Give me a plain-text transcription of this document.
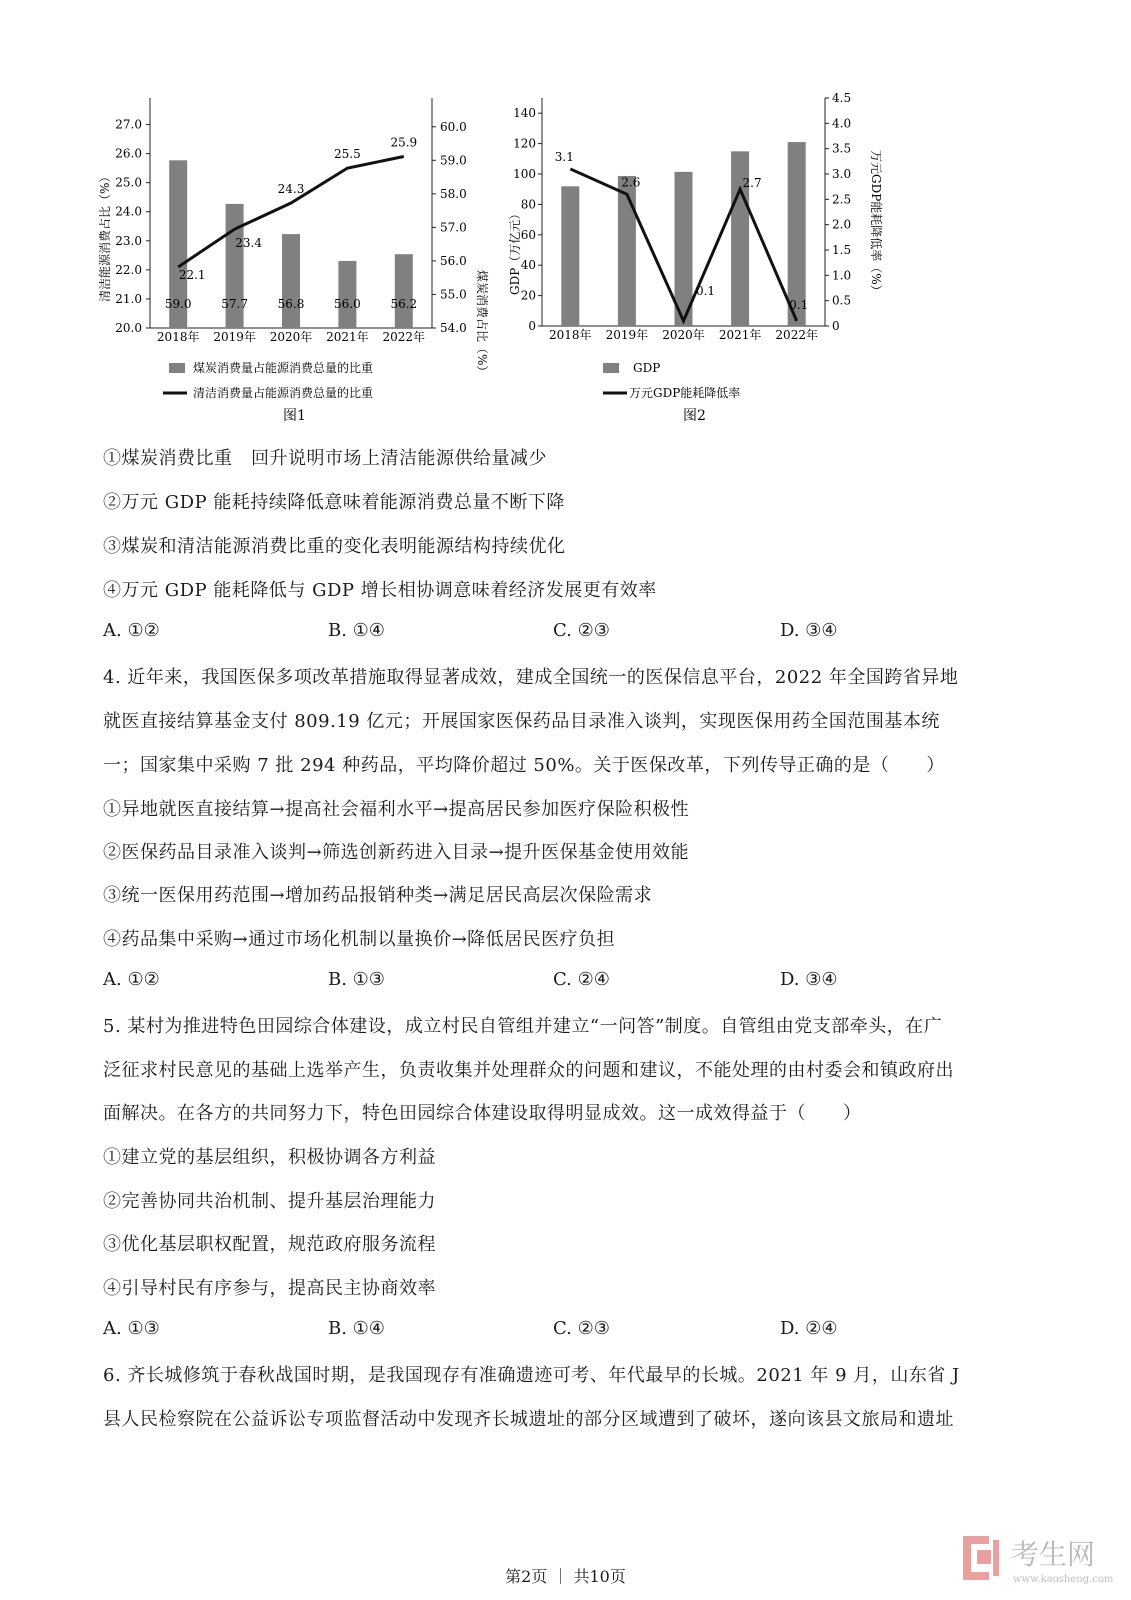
20.0
21.0
22.0
23.0
24.0
25.0
26.0
27.0
54.0
55.0
56.0
57.0
58.0
59.0
60.0
59.0
2018年
57.7
2019年
56.8
2020年
56.0
2021年
56.2
2022年
22.1
23.4
24.3
25.5
25.9
清洁能源消费占比（%）
煤炭消费占比（%）
煤炭消费量占能源消费总量的比重
清洁消费量占能源消费总量的比重
图1
0
20
40
60
80
100
120
140
0
0.5
1.0
1.5
2.0
2.5
3.0
3.5
4.0
4.5
2018年 2019年 2020年 2021年 2022年
3.1
2.6
0.1
2.7
0.1
GDP（万亿元）	万元GDP能耗降低率（%）
GDP
万元GDP能耗降低率
图2
①煤炭消费比重　回升说明市场上清洁能源供给量减少
②万元 GDP 能耗持续降低意味着能源消费总量不断下降
③煤炭和清洁能源消费比重的变化表明能源结构持续优化
④万元 GDP 能耗降低与 GDP 增长相协调意味着经济发展更有效率
A. ①②	B. ①④	C. ②③	D. ③④
4. 近年来，我国医保多项改革措施取得显著成效，建成全国统一的医保信息平台，2022 年全国跨省异地
就医直接结算基金支付 809.19 亿元；开展国家医保药品目录准入谈判，实现医保用药全国范围基本统
一；国家集中采购 7 批 294 种药品，平均降价超过 50%。关于医保改革，下列传导正确的是（　　）
①异地就医直接结算→提高社会福利水平→提高居民参加医疗保险积极性
②医保药品目录准入谈判→筛选创新药进入目录→提升医保基金使用效能
③统一医保用药范围→增加药品报销种类→满足居民高层次保险需求
④药品集中采购→通过市场化机制以量换价→降低居民医疗负担
A. ①②	B. ①③	C. ②④	D. ③④
5. 某村为推进特色田园综合体建设，成立村民自管组并建立“一问答”制度。自管组由党支部牵头，在广
泛征求村民意见的基础上选举产生，负责收集并处理群众的问题和建议，不能处理的由村委会和镇政府出
面解决。在各方的共同努力下，特色田园综合体建设取得明显成效。这一成效得益于（　　）
①建立党的基层组织，积极协调各方利益
②完善协同共治机制、提升基层治理能力
③优化基层职权配置，规范政府服务流程
④引导村民有序参与，提高民主协商效率
A. ①③	B. ①④	C. ②③	D. ②④
6. 齐长城修筑于春秋战国时期，是我国现存有准确遗迹可考、年代最早的长城。2021 年 9 月，山东省 J
县人民检察院在公益诉讼专项监督活动中发现齐长城遗址的部分区域遭到了破坏，遂向该县文旅局和遗址
第2页 ｜ 共10页
考生网
www.kaosheng.com
